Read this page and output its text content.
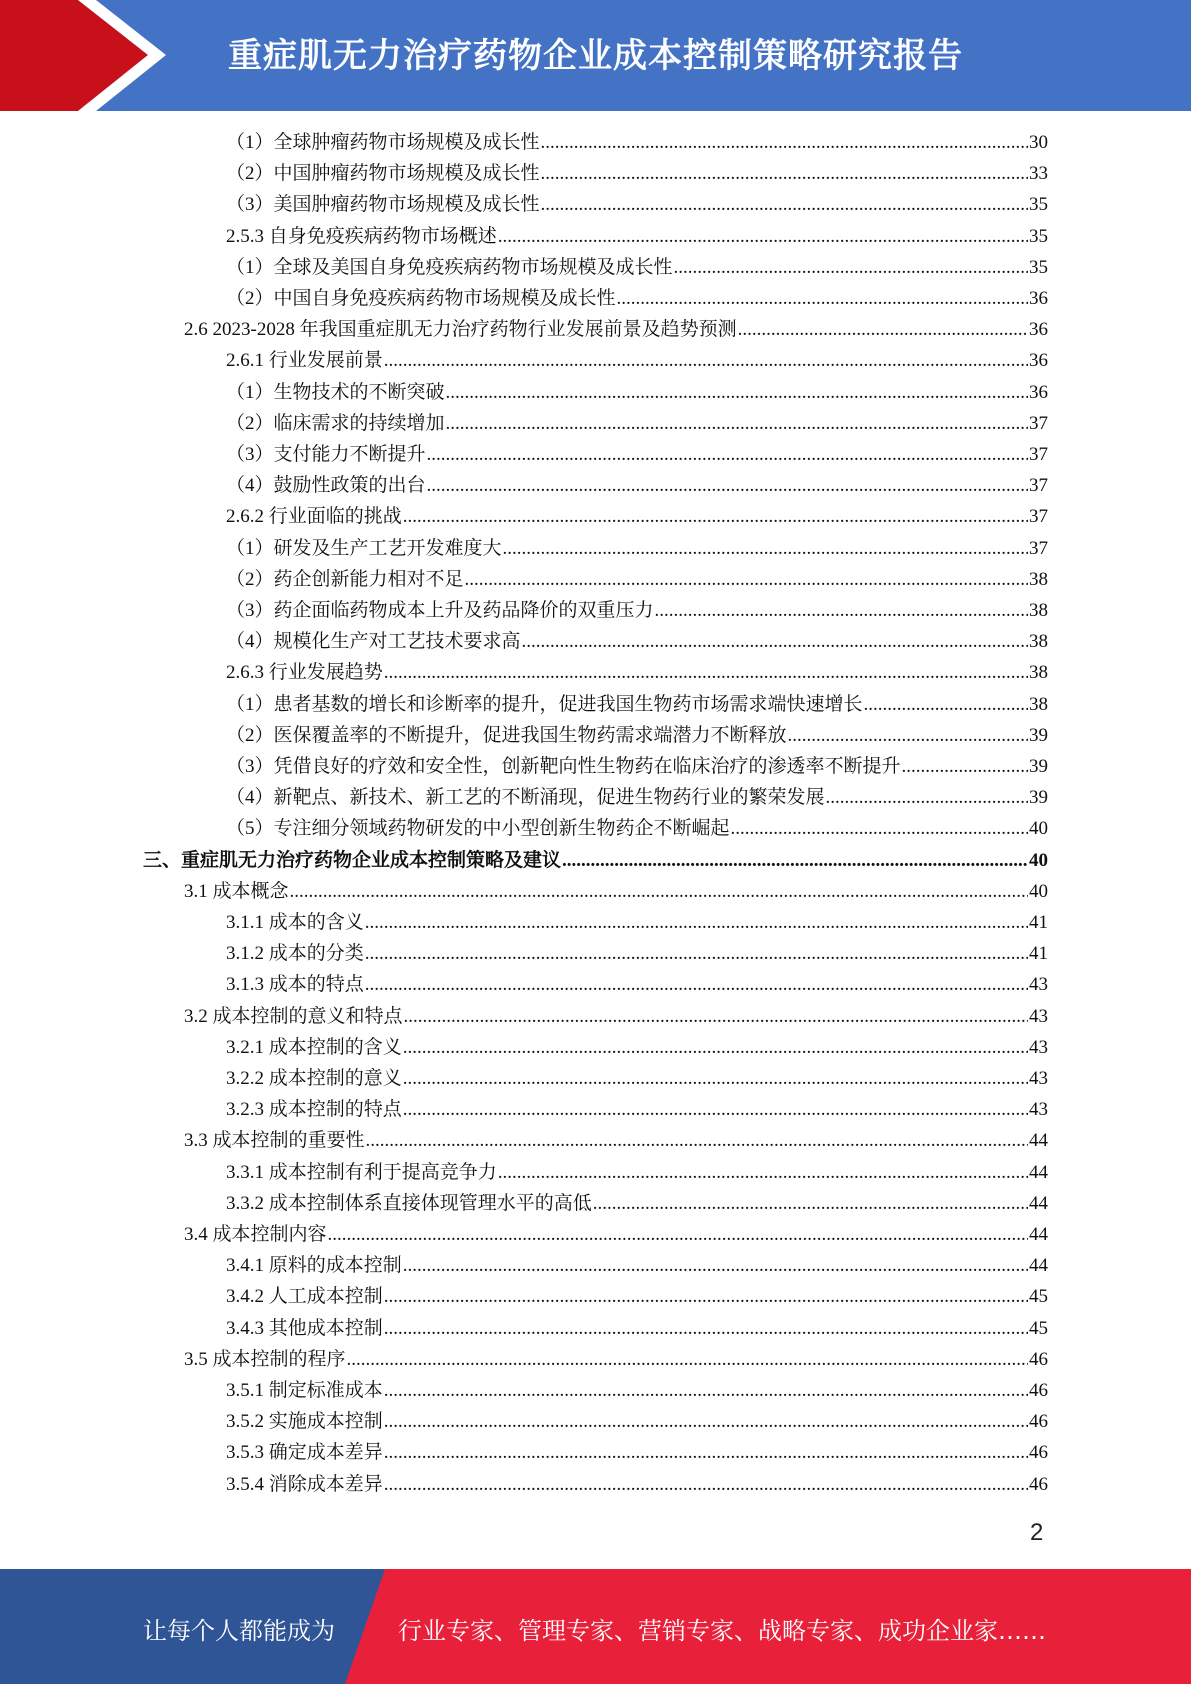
重症肌无力治疗药物企业成本控制策略研究报告
（1）全球肿瘤药物市场规模及成长性 .....	30
（2）中国肿瘤药物市场规模及成长性 .....	33
（3）美国肿瘤药物市场规模及成长性 .....	35
2.5.3 自身免疫疾病药物市场概述 .....	35
（1）全球及美国自身免疫疾病药物市场规模及成长性 .....	35
（2）中国自身免疫疾病药物市场规模及成长性 .....	36
2.6 2023-2028 年我国重症肌无力治疗药物行业发展前景及趋势预测 .....	36
2.6.1 行业发展前景 .....	36
（1）生物技术的不断突破 .....	36
（2）临床需求的持续增加 .....	37
（3）支付能力不断提升 .....	37
（4）鼓励性政策的出台 .....	37
2.6.2 行业面临的挑战 .....	37
（1）研发及生产工艺开发难度大 .....	37
（2）药企创新能力相对不足 .....	38
（3）药企面临药物成本上升及药品降价的双重压力 .....	38
（4）规模化生产对工艺技术要求高 .....	38
2.6.3 行业发展趋势 .....	38
（1）患者基数的增长和诊断率的提升，促进我国生物药市场需求端快速增长 .....	38
（2）医保覆盖率的不断提升，促进我国生物药需求端潜力不断释放 .....	39
（3）凭借良好的疗效和安全性，创新靶向性生物药在临床治疗的渗透率不断提升 .....	39
（4）新靶点、新技术、新工艺的不断涌现，促进生物药行业的繁荣发展 .....	39
（5）专注细分领域药物研发的中小型创新生物药企不断崛起 .....	40
三、重症肌无力治疗药物企业成本控制策略及建议 .....	40
3.1 成本概念 .....	40
3.1.1 成本的含义 .....	41
3.1.2 成本的分类 .....	41
3.1.3 成本的特点 .....	43
3.2 成本控制的意义和特点 .....	43
3.2.1 成本控制的含义 .....	43
3.2.2 成本控制的意义 .....	43
3.2.3 成本控制的特点 .....	43
3.3 成本控制的重要性 .....	44
3.3.1 成本控制有利于提高竞争力 .....	44
3.3.2 成本控制体系直接体现管理水平的高低 .....	44
3.4 成本控制内容 .....	44
3.4.1 原料的成本控制 .....	44
3.4.2 人工成本控制 .....	45
3.4.3 其他成本控制 .....	45
3.5 成本控制的程序 .....	46
3.5.1 制定标准成本 .....	46
3.5.2 实施成本控制 .....	46
3.5.3 确定成本差异 .....	46
3.5.4 消除成本差异 .....	46
2
让每个人都能成为	行业专家、管理专家、营销专家、战略专家、成功企业家……
